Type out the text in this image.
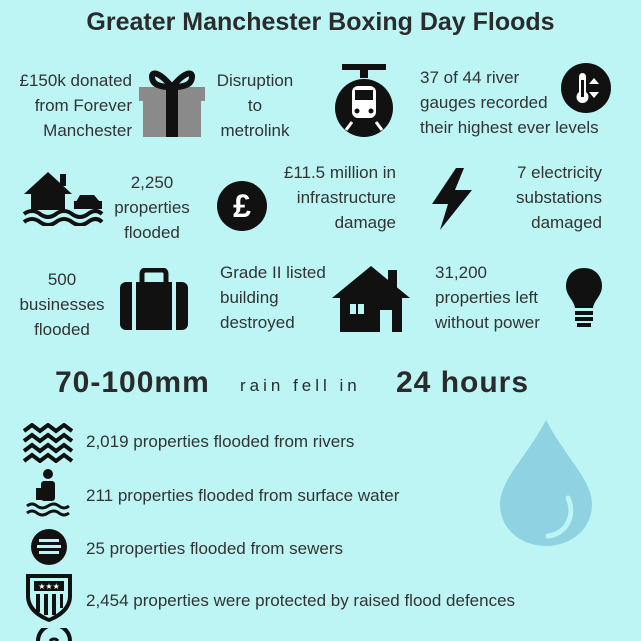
Greater Manchester Boxing Day Floods
£150k donated
from Forever
Manchester
Disruption
to
metrolink
37 of 44 river
gauges recorded
their highest ever levels
2,250
properties
flooded
£
£11.5 million in
infrastructure
damage
7 electricity
substations
damaged
500
businesses
flooded
Grade II listed
building
destroyed
31,200
properties left
without power
70-100mm rain fell in 24 hours
2,019 properties flooded from rivers
211 properties flooded from surface water
25 properties flooded from sewers
★★★
2,454 properties were protected by raised flood defences
